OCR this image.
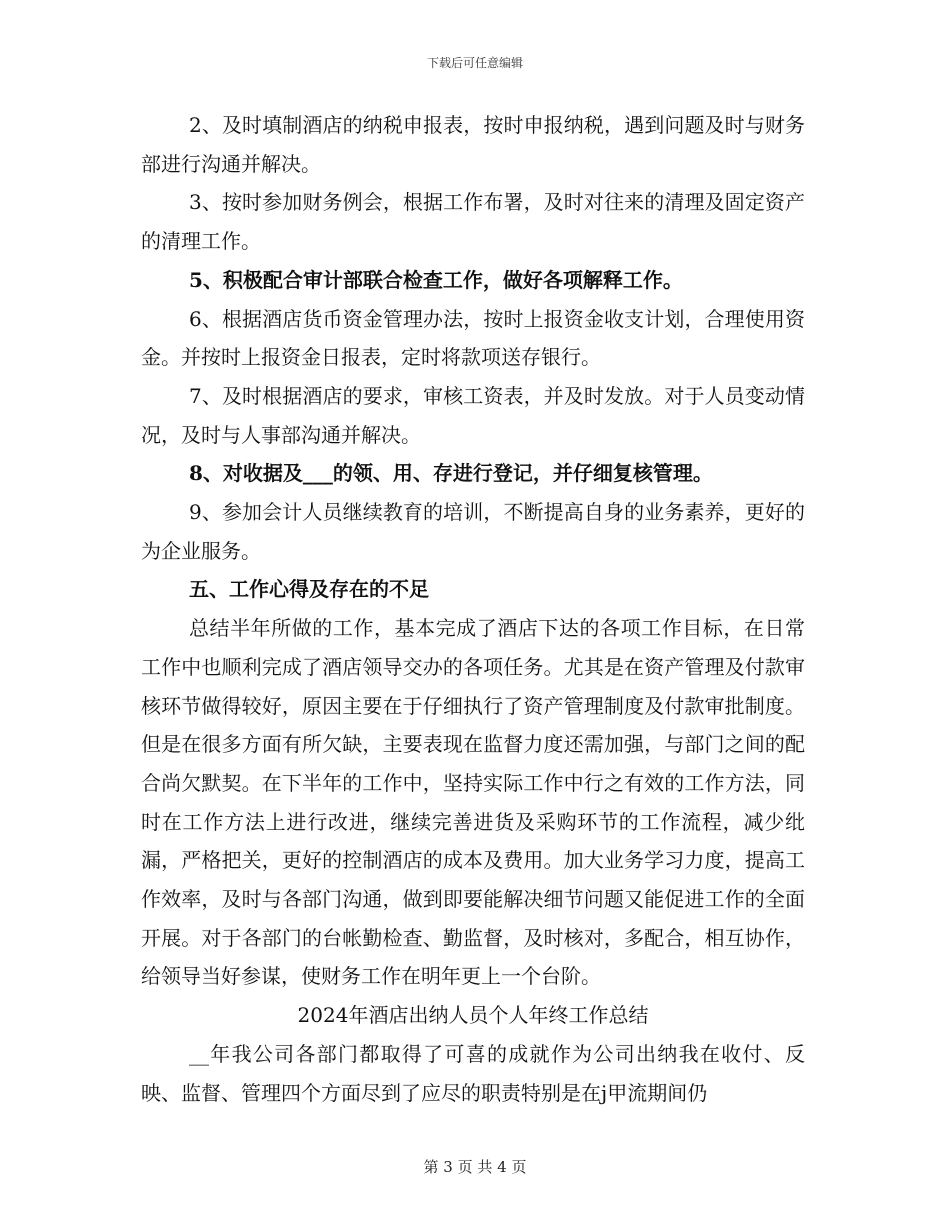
下载后可任意编辑

2、及时填制酒店的纳税申报表，按时申报纳税，遇到问题及时与财务部进行沟通并解决。

3、按时参加财务例会，根据工作布署，及时对往来的清理及固定资产的清理工作。

5、积极配合审计部联合检查工作，做好各项解释工作。

6、根据酒店货币资金管理办法，按时上报资金收支计划，合理使用资金。并按时上报资金日报表，定时将款项送存银行。

7、及时根据酒店的要求，审核工资表，并及时发放。对于人员变动情况，及时与人事部沟通并解决。

8、对收据及___的领、用、存进行登记，并仔细复核管理。

9、参加会计人员继续教育的培训，不断提高自身的业务素养，更好的为企业服务。

五、工作心得及存在的不足

总结半年所做的工作，基本完成了酒店下达的各项工作目标，在日常工作中也顺利完成了酒店领导交办的各项任务。尤其是在资产管理及付款审核环节做得较好，原因主要在于仔细执行了资产管理制度及付款审批制度。但是在很多方面有所欠缺，主要表现在监督力度还需加强，与部门之间的配合尚欠默契。在下半年的工作中，坚持实际工作中行之有效的工作方法，同时在工作方法上进行改进，继续完善进货及采购环节的工作流程，减少纰漏，严格把关，更好的控制酒店的成本及费用。加大业务学习力度，提高工作效率，及时与各部门沟通，做到即要能解决细节问题又能促进工作的全面开展。对于各部门的台帐勤检查、勤监督，及时核对，多配合，相互协作，给领导当好参谋，使财务工作在明年更上一个台阶。

2024年酒店出纳人员个人年终工作总结

__年我公司各部门都取得了可喜的成就作为公司出纳我在收付、反映、监督、管理四个方面尽到了应尽的职责特别是在j甲流期间仍

第 3 页 共 4 页
